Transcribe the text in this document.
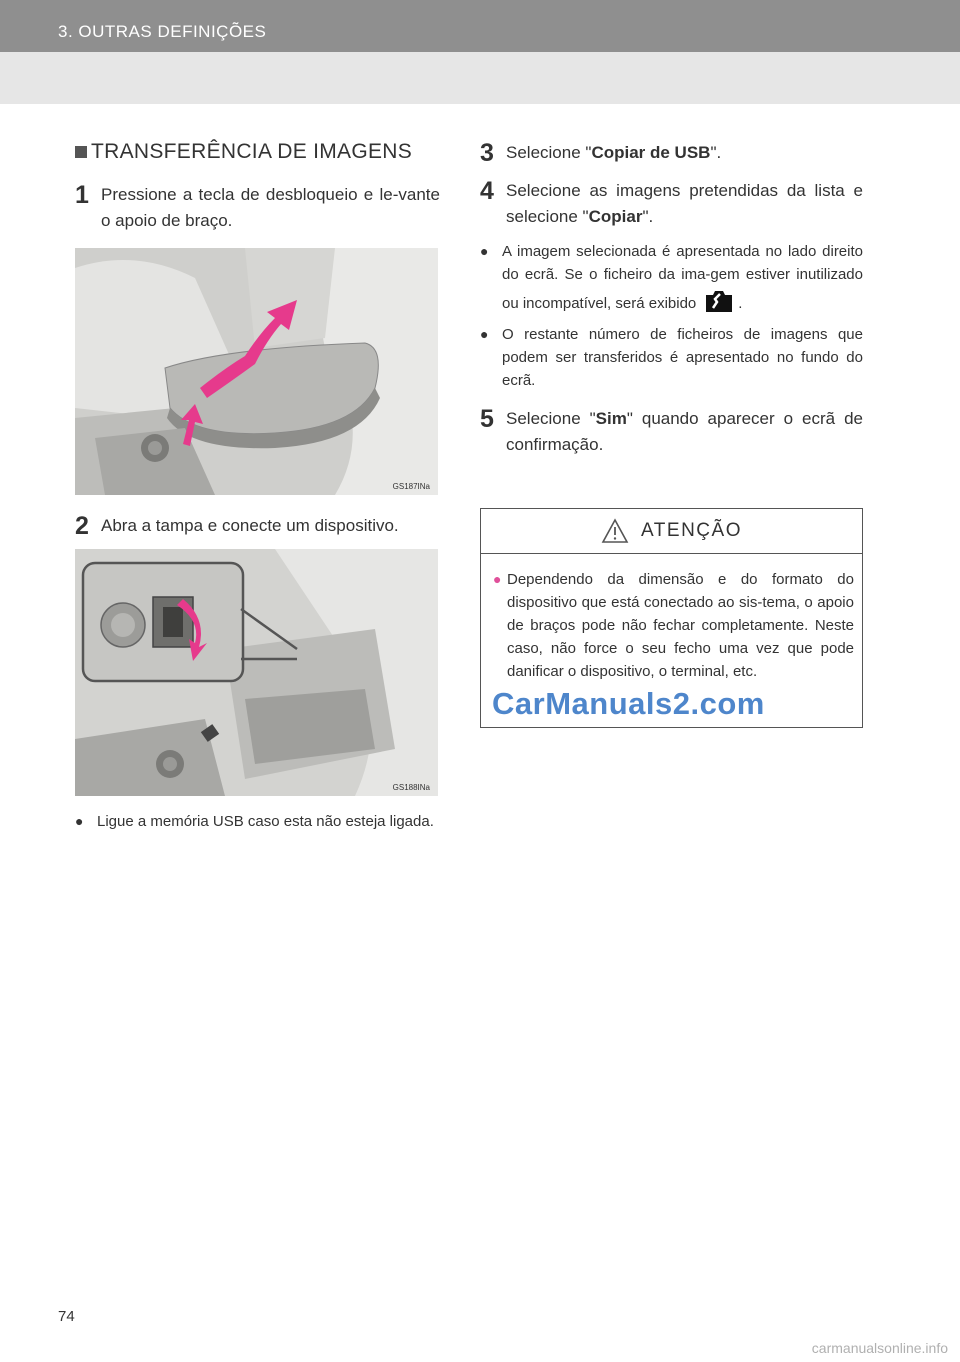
3. OUTRAS DEFINIÇÕES
TRANSFERÊNCIA DE IMAGENS
1 Pressione a tecla de desbloqueio e le-vante o apoio de braço.
GS187INa
2 Abra a tampa e conecte um dispositivo.
GS188INa
● Ligue a memória USB caso esta não esteja ligada.
3 Selecione "Copiar de USB".
4 Selecione as imagens pretendidas da lista e selecione "Copiar".
● A imagem selecionada é apresentada no lado direito do ecrã. Se o ficheiro da ima-gem estiver inutilizado ou incompatível, será exibido	.
● O restante número de ficheiros de imagens que podem ser transferidos é apresentado no fundo do ecrã.
5 Selecione "Sim" quando aparecer o ecrã de confirmação.
ATENÇÃO
● Dependendo da dimensão e do formato do dispositivo que está conectado ao sis-tema, o apoio de braços pode não fechar completamente. Neste caso, não force o seu fecho uma vez que pode danificar o dispositivo, o terminal, etc.
CarManuals2.com
74
carmanualsonline.info
